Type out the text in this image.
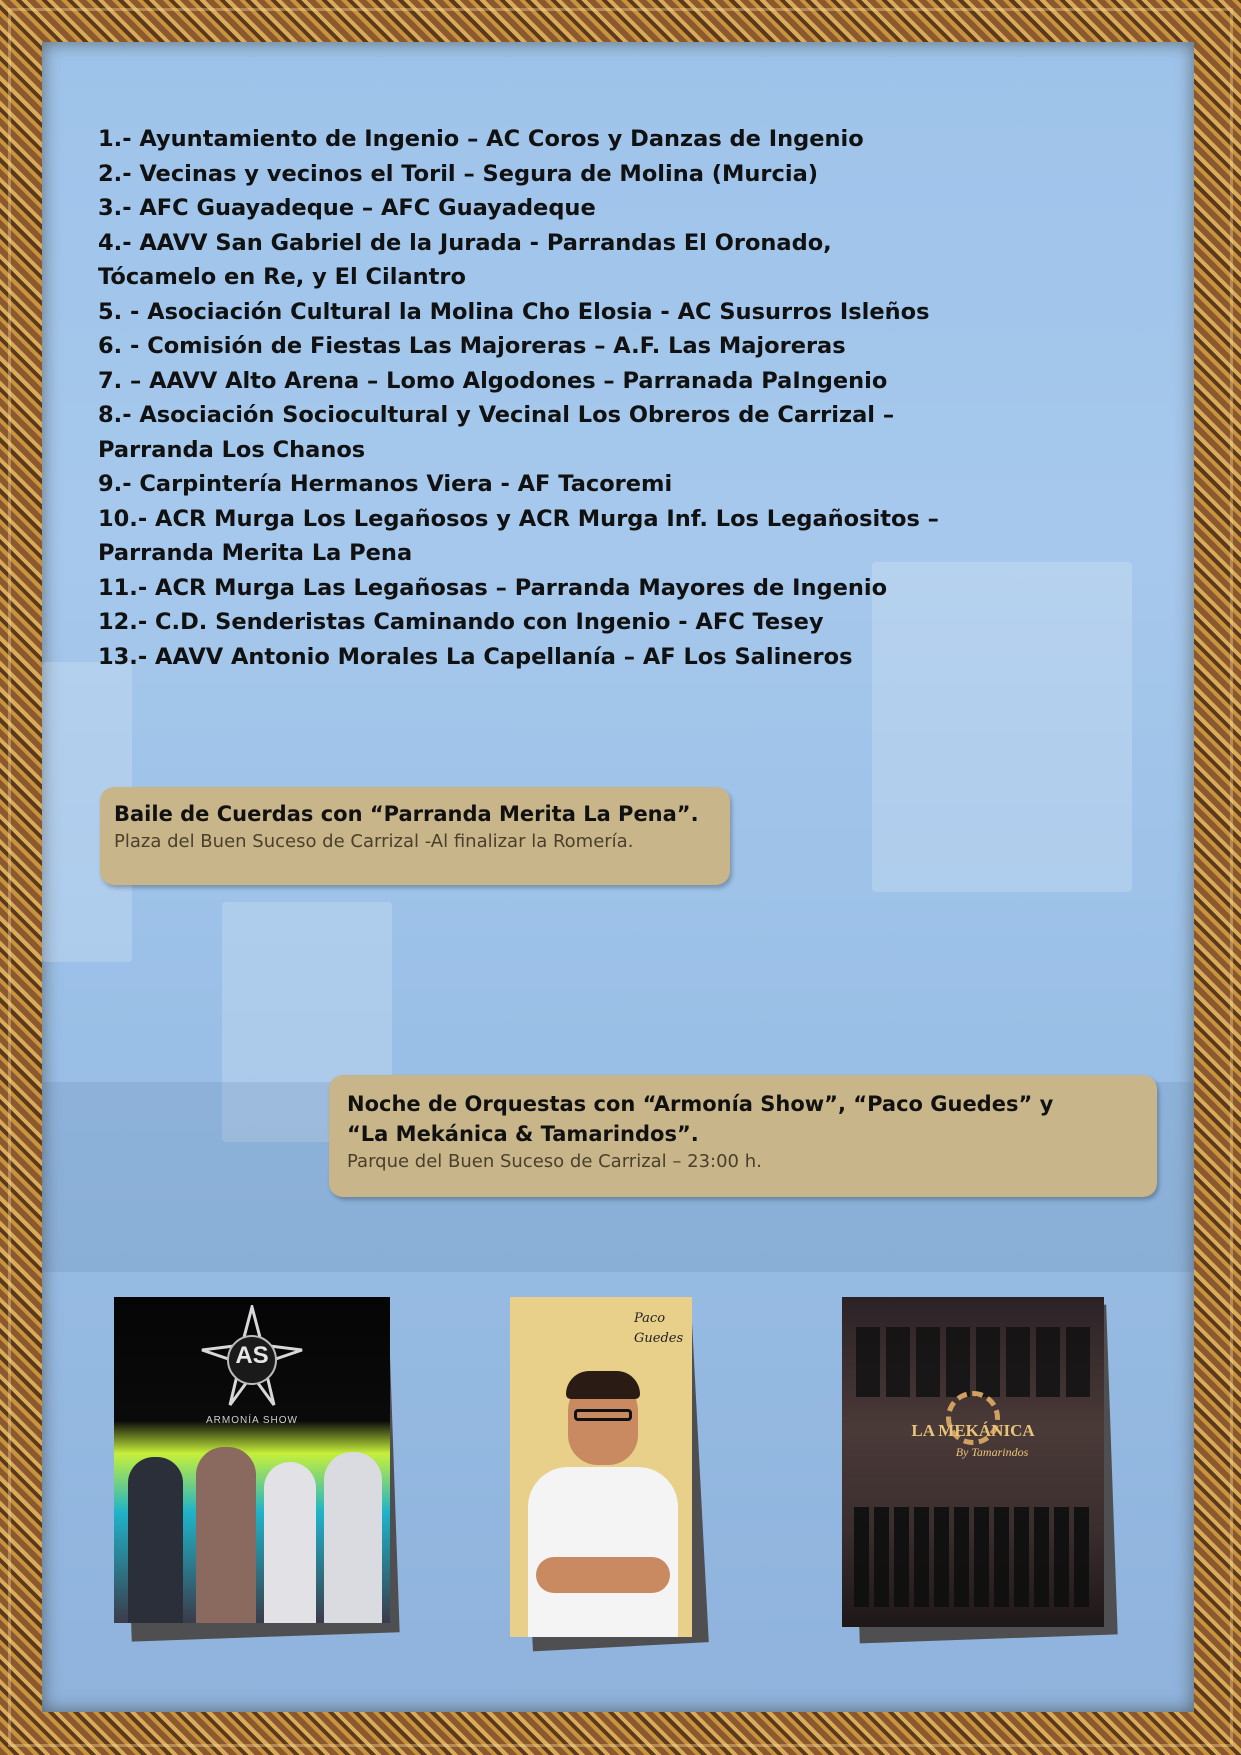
1.- Ayuntamiento de Ingenio – AC Coros y Danzas de Ingenio

2.- Vecinas y vecinos el Toril – Segura de Molina (Murcia)

3.- AFC Guayadeque – AFC Guayadeque

4.- AAVV San Gabriel de la Jurada - Parrandas El Oronado,

Tócamelo en Re, y El Cilantro

5. - Asociación Cultural la Molina Cho Elosia - AC Susurros Isleños

6. - Comisión de Fiestas Las Majoreras – A.F. Las Majoreras

7. – AAVV Alto Arena – Lomo Algodones – Parranada PaIngenio

8.- Asociación Sociocultural y Vecinal Los Obreros de Carrizal –

Parranda Los Chanos

9.- Carpintería Hermanos Viera - AF Tacoremi

10.- ACR Murga Los Legañosos y ACR Murga Inf. Los Legañositos –

Parranda Merita La Pena

11.- ACR Murga Las Legañosas – Parranda Mayores de Ingenio

12.- C.D. Senderistas Caminando con Ingenio - AFC Tesey

13.- AAVV Antonio Morales La Capellanía – AF Los Salineros

Baile de Cuerdas con “Parranda Merita La Pena”.
Plaza del Buen Suceso de Carrizal -Al finalizar la Romería.
Noche de Orquestas con “Armonía Show”, “Paco Guedes” y
“La Mekánica & Tamarindos”.
Parque del Buen Suceso de Carrizal – 23:00 h.
AS
ARMONÍA SHOW
Paco
Guedes
LA MEKÁNICA
By Tamarindos
